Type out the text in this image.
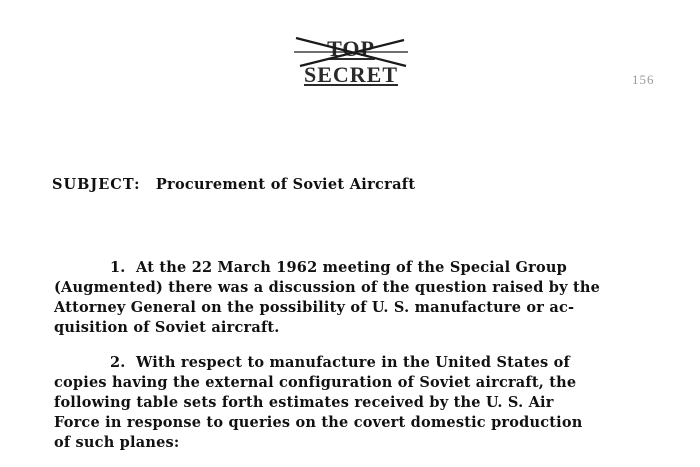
TOP SECRET	156
SUBJECT: Procurement of Soviet Aircraft
1. At the 22 March 1962 meeting of the Special Group
(Augmented) there was a discussion of the question raised by the
Attorney General on the possibility of U. S. manufacture or ac-
quisition of Soviet aircraft.
2. With respect to manufacture in the United States of
copies having the external configuration of Soviet aircraft, the
following table sets forth estimates received by the U. S. Air
Force in response to queries on the covert domestic production
of such planes:
